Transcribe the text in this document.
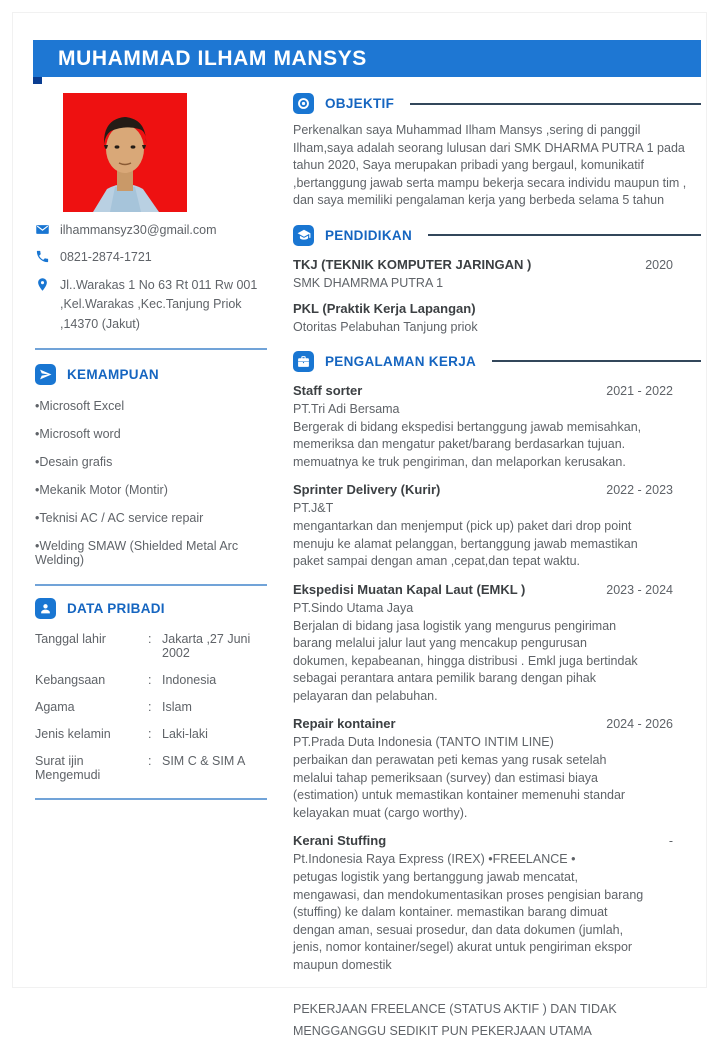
MUHAMMAD ILHAM MANSYS
ilhammansyz30@gmail.com
0821-2874-1721
Jl..Warakas 1 No 63 Rt 011 Rw 001 ,Kel.Warakas ,Kec.Tanjung Priok ,14370 (Jakut)
KEMAMPUAN
•Microsoft Excel
•Microsoft word
•Desain grafis
•Mekanik Motor (Montir)
•Teknisi AC / AC service repair
•Welding SMAW (Shielded Metal Arc Welding)
DATA PRIBADI
Tanggal lahir	: Jakarta ,27 Juni 2002
Kebangsaan	: Indonesia
Agama	: Islam
Jenis kelamin	: Laki-laki
Surat ijin Mengemudi
: SIM C & SIM A
OBJEKTIF
Perkenalkan saya Muhammad Ilham Mansys ,sering di panggil Ilham,saya adalah seorang lulusan dari SMK DHARMA PUTRA 1 pada tahun 2020, Saya merupakan pribadi yang bergaul, komunikatif ,bertanggung jawab serta mampu bekerja secara individu maupun tim , dan saya memiliki pengalaman kerja yang berbeda selama 5 tahun
PENDIDIKAN
TKJ (TEKNIK KOMPUTER JARINGAN )	2020
SMK DHAMRMA PUTRA 1
PKL (Praktik Kerja Lapangan)
Otoritas Pelabuhan Tanjung priok
PENGALAMAN KERJA
Staff sorter	2021 - 2022
PT.Tri Adi Bersama
Bergerak di bidang ekspedisi bertanggung jawab memisahkan, memeriksa dan mengatur paket/barang berdasarkan tujuan. memuatnya ke truk pengiriman, dan melaporkan kerusakan.
Sprinter Delivery (Kurir)	2022 - 2023
PT.J&T
mengantarkan dan menjemput (pick up) paket dari drop point menuju ke alamat pelanggan, bertanggung jawab memastikan paket sampai dengan aman ,cepat,dan tepat waktu.
Ekspedisi Muatan Kapal Laut (EMKL )	2023 - 2024
PT.Sindo Utama Jaya
Berjalan di bidang jasa logistik yang mengurus pengiriman barang melalui jalur laut yang mencakup pengurusan dokumen, kepabeanan, hingga distribusi . Emkl juga bertindak sebagai perantara antara pemilik barang dengan pihak pelayaran dan pelabuhan.
Repair kontainer	2024 - 2026
PT.Prada Duta Indonesia (TANTO INTIM LINE)
perbaikan dan perawatan peti kemas yang rusak setelah melalui tahap pemeriksaan (survey) dan estimasi biaya (estimation) untuk memastikan kontainer memenuhi standar kelayakan muat (cargo worthy).
Kerani Stuffing	-
Pt.Indonesia Raya Express (IREX) •FREELANCE •
petugas logistik yang bertanggung jawab mencatat, mengawasi, dan mendokumentasikan proses pengisian barang (stuffing) ke dalam kontainer. memastikan barang dimuat dengan aman, sesuai prosedur, dan data dokumen (jumlah, jenis, nomor kontainer/segel) akurat untuk pengiriman ekspor maupun domestik
PEKERJAAN FREELANCE (STATUS AKTIF ) DAN TIDAK
MENGGANGGU SEDIKIT PUN PEKERJAAN UTAMA
